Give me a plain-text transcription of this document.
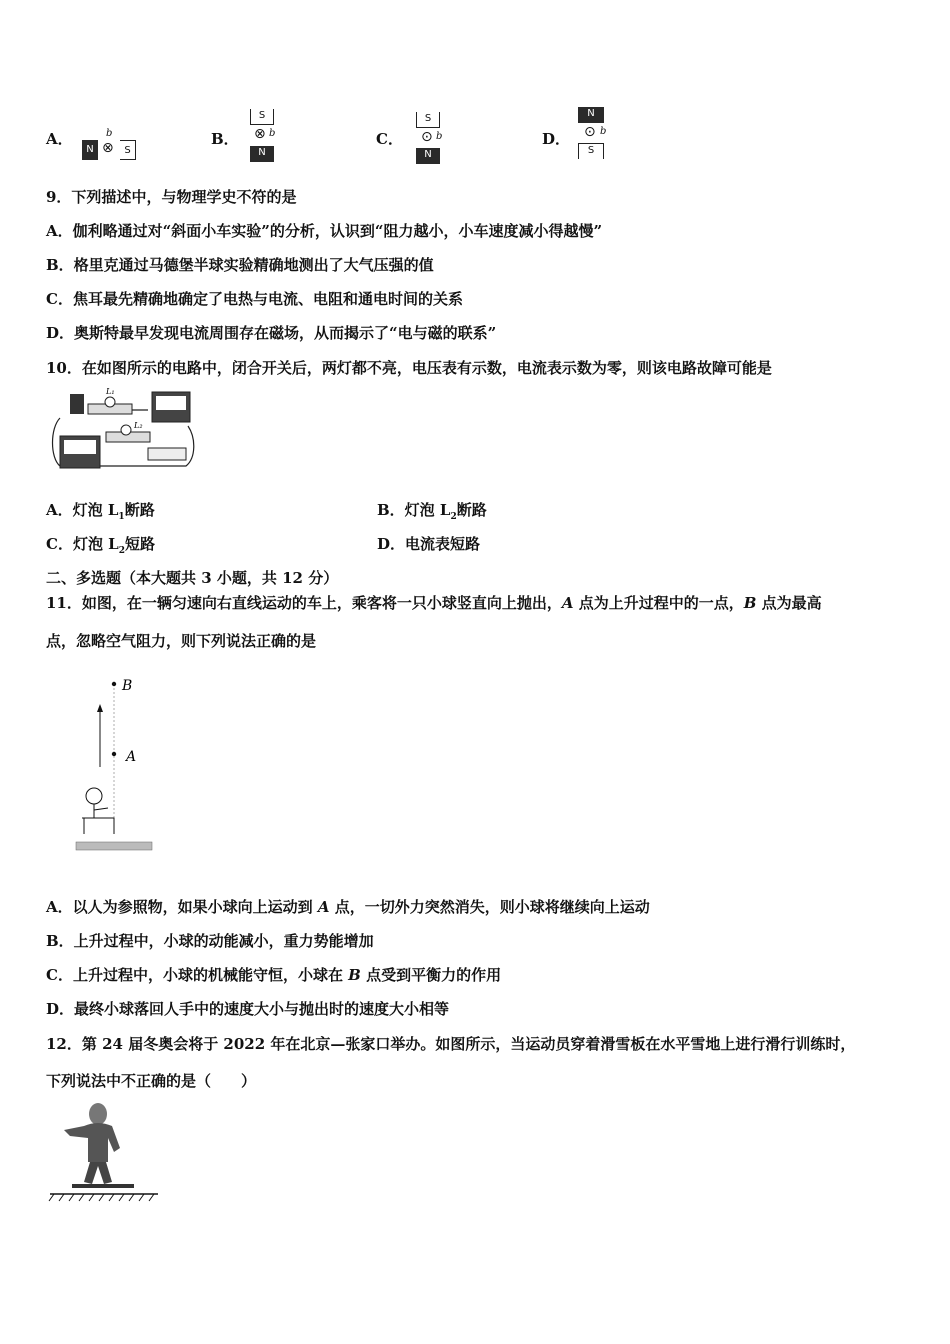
A．
N ⊗
b
S
B．
S
⊗ b
N
C．
S
⊙ b
N
D．
N
⊙ b
S
9．下列描述中，与物理学史不符的是
A．伽利略通过对“斜面小车实验”的分析，认识到“阻力越小，小车速度减小得越慢”
B．格里克通过马德堡半球实验精确地测出了大气压强的值
C．焦耳最先精确地确定了电热与电流、电阻和通电时间的关系
D．奥斯特最早发现电流周围存在磁场，从而揭示了“电与磁的联系”
10．在如图所示的电路中，闭合开关后，两灯都不亮，电压表有示数，电流表示数为零，则该电路故障可能是
L₁
L₂
A．灯泡 $L_1$断路	B．灯泡 $L_2$断路
C．灯泡 $L_2$短路	D．电流表短路
二、多选题（本大题共 3 小题，共 12 分）
11．如图，在一辆匀速向右直线运动的车上，乘客将一只小球竖直向上抛出，A 点为上升过程中的一点，B 点为最高
点，忽略空气阻力，则下列说法正确的是
B
A
A．以人为参照物，如果小球向上运动到 A 点，一切外力突然消失，则小球将继续向上运动
B．上升过程中，小球的动能减小，重力势能增加
C．上升过程中，小球的机械能守恒，小球在 B 点受到平衡力的作用
D．最终小球落回人手中的速度大小与抛出时的速度大小相等
12．第 24 届冬奥会将于 2022 年在北京—张家口举办。如图所示，当运动员穿着滑雪板在水平雪地上进行滑行训练时，
下列说法中不正确的是（　　）
